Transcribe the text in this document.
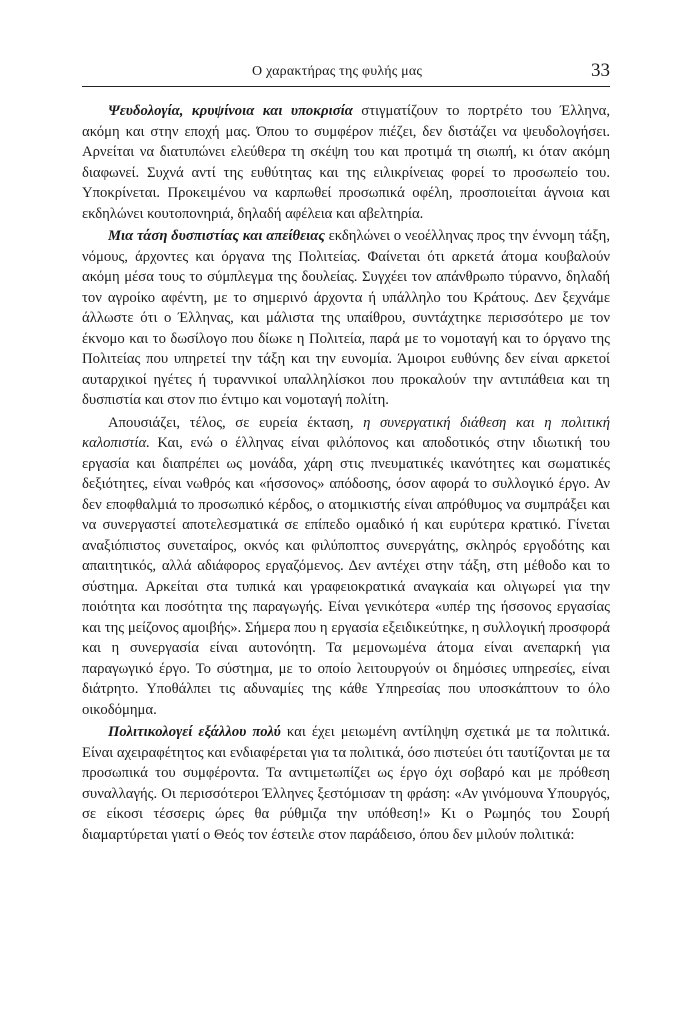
Ο χαρακτήρας της φυλής μας	33

Ψευδολογία, κρυψίνοια και υποκρισία στιγματίζουν το πορτρέτο του Έλληνα, ακόμη και στην εποχή μας. Όπου το συμφέρον πιέζει, δεν διστάζει να ψευδολογήσει. Αρνείται να διατυπώνει ελεύθερα τη σκέψη του και προτιμά τη σιωπή, κι όταν ακόμη διαφωνεί. Συχνά αντί της ευθύτητας και της ειλικρίνειας φορεί το προσωπείο του. Υποκρίνεται. Προκειμένου να καρπωθεί προσωπικά οφέλη, προσποιείται άγνοια και εκδηλώνει κουτοπονηριά, δηλαδή αφέλεια και αβελτηρία.

Μια τάση δυσπιστίας και απείθειας εκδηλώνει ο νεοέλληνας προς την έννομη τάξη, νόμους, άρχοντες και όργανα της Πολιτείας. Φαίνεται ότι αρκετά άτομα κουβαλούν ακόμη μέσα τους το σύμπλεγμα της δουλείας. Συγχέει τον απάνθρωπο τύραννο, δηλαδή τον αγροίκο αφέντη, με το σημερινό άρχοντα ή υπάλληλο του Κράτους. Δεν ξεχνάμε άλλωστε ότι ο Έλληνας, και μάλιστα της υπαίθρου, συντάχτηκε περισσότερο με τον έκνομο και το δωσίλογο που δίωκε η Πολιτεία, παρά με το νομοταγή και το όργανο της Πολιτείας που υπηρετεί την τάξη και την ευνομία. Άμοιροι ευθύνης δεν είναι αρκετοί αυταρχικοί ηγέτες ή τυραννικοί υπαλληλίσκοι που προκαλούν την αντιπάθεια και τη δυσπιστία και στον πιο έντιμο και νομοταγή πολίτη.

Απουσιάζει, τέλος, σε ευρεία έκταση, η συνεργατική διάθεση και η πολιτική καλοπιστία. Και, ενώ ο έλληνας είναι φιλόπονος και αποδοτικός στην ιδιωτική του εργασία και διαπρέπει ως μονάδα, χάρη στις πνευματικές ικανότητες και σωματικές δεξιότητες, είναι νωθρός και «ήσσονος» απόδοσης, όσον αφορά το συλλογικό έργο. Αν δεν εποφθαλμιά το προσωπικό κέρδος, ο ατομικιστής είναι απρόθυμος να συμπράξει και να συνεργαστεί αποτελεσματικά σε επίπεδο ομαδικό ή και ευρύτερα κρατικό. Γίνεται αναξιόπιστος συνεταίρος, οκνός και φιλύποπτος συνεργάτης, σκληρός εργοδότης και απαιτητικός, αλλά αδιάφορος εργαζόμενος. Δεν αντέχει στην τάξη, στη μέθοδο και το σύστημα. Αρκείται στα τυπικά και γραφειοκρατικά αναγκαία και ολιγωρεί για την ποιότητα και ποσότητα της παραγωγής. Είναι γενικότερα «υπέρ της ήσσονος εργασίας και της μείζονος αμοιβής». Σήμερα που η εργασία εξειδικεύτηκε, η συλλογική προσφορά και η συνεργασία είναι αυτονόητη. Τα μεμονωμένα άτομα είναι ανεπαρκή για παραγωγικό έργο. Το σύστημα, με το οποίο λειτουργούν οι δημόσιες υπηρεσίες, είναι διάτρητο. Υποθάλπει τις αδυναμίες της κάθε Υπηρεσίας που υποσκάπτουν το όλο οικοδόμημα.

Πολιτικολογεί εξάλλου πολύ και έχει μειωμένη αντίληψη σχετικά με τα πολιτικά. Είναι αχειραφέτητος και ενδιαφέρεται για τα πολιτικά, όσο πιστεύει ότι ταυτίζονται με τα προσωπικά του συμφέροντα. Τα αντιμετωπίζει ως έργο όχι σοβαρό και με πρόθεση συναλλαγής. Οι περισσότεροι Έλληνες ξεστόμισαν τη φράση: «Αν γινόμουνα Υπουργός, σε είκοσι τέσσερις ώρες θα ρύθμιζα την υπόθεση!» Κι ο Ρωμηός του Σουρή διαμαρτύρεται γιατί ο Θεός τον έστειλε στον παράδεισο, όπου δεν μιλούν πολιτικά:
